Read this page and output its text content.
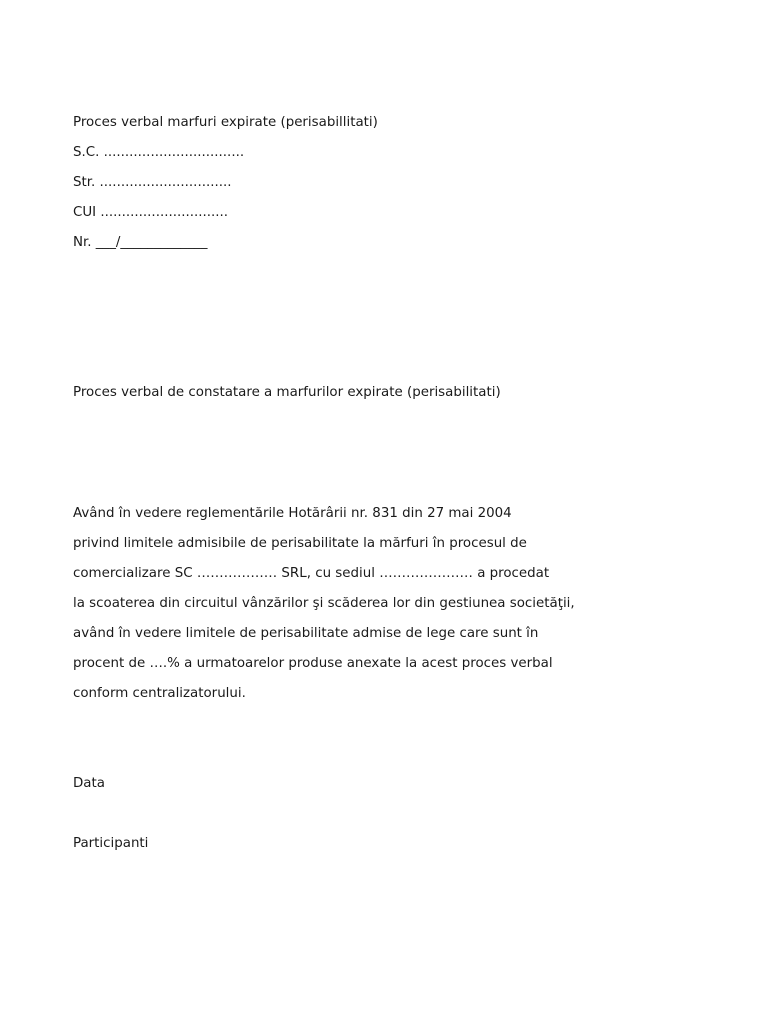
Proces verbal marfuri expirate (perisabillitati)

S.C. .................................

Str. ...............................

CUI ..............................

Nr. ___/_____________

Proces verbal de constatare a marfurilor expirate (perisabilitati)

Având în vedere reglementările Hotărârii nr. 831 din 27 mai 2004

privind limitele admisibile de perisabilitate la mărfuri în procesul de

comercializare SC ……………… SRL, cu sediul ………………… a procedat

la scoaterea din circuitul vânzărilor şi scăderea lor din gestiunea societăţii,

având în vedere limitele de perisabilitate admise de lege care sunt în

procent de ….% a urmatoarelor produse anexate la acest proces verbal

conform centralizatorului.

Data

Participanti
